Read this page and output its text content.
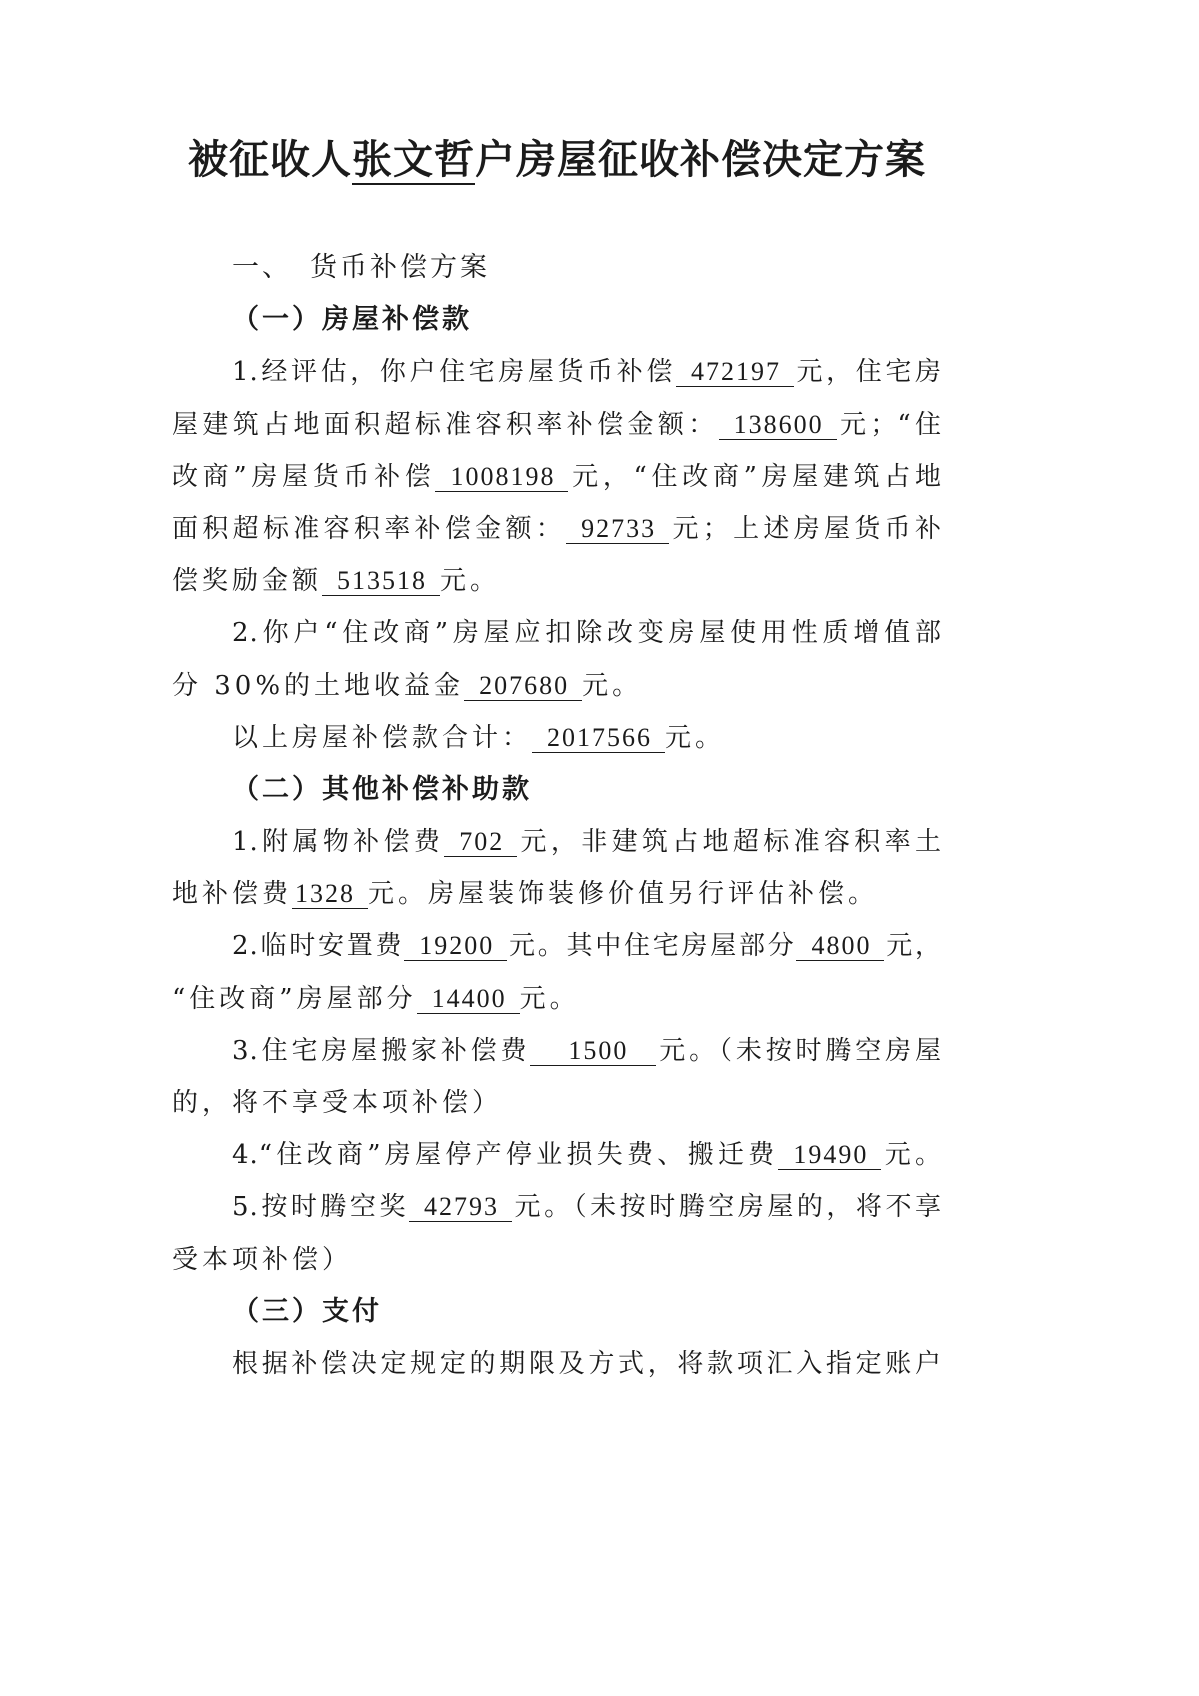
被征收人张文哲户房屋征收补偿决定方案
一、 货币补偿方案
（一）房屋补偿款
1.经评估，你户住宅房屋货币补偿 472197 元，住宅房
屋建筑占地面积超标准容积率补偿金额： 138600 元；“住
改商”房屋货币补偿 1008198 元，“住改商”房屋建筑占地
面积超标准容积率补偿金额： 92733 元；上述房屋货币补
偿奖励金额 513518 元。
2.你户“住改商”房屋应扣除改变房屋使用性质增值部
分 30%的土地收益金 207680 元。
以上房屋补偿款合计： 2017566 元。
（二）其他补偿补助款
1.附属物补偿费 702 元，非建筑占地超标准容积率土
地补偿费 1328 元。房屋装饰装修价值另行评估补偿。
2.临时安置费 19200 元。其中住宅房屋部分 4800 元，
“住改商”房屋部分 14400 元。
3.住宅房屋搬家补偿费 1500 元。（未按时腾空房屋
的，将不享受本项补偿）
4.“住改商”房屋停产停业损失费、搬迁费 19490 元。
5.按时腾空奖 42793 元。（未按时腾空房屋的，将不享
受本项补偿）
（三）支付
根据补偿决定规定的期限及方式，将款项汇入指定账户
